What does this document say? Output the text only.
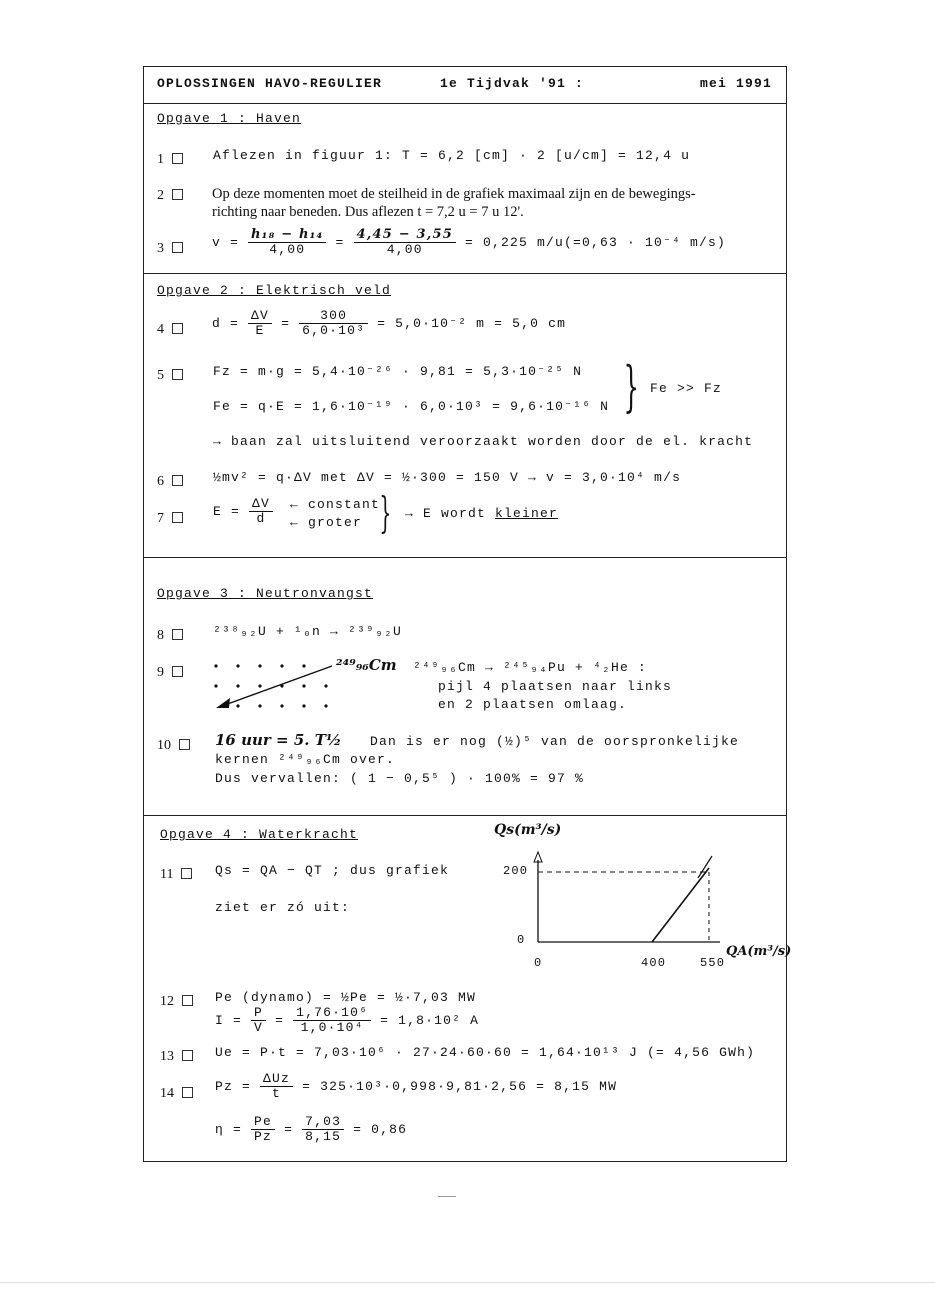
OPLOSSINGEN HAVO-REGULIER	1e Tijdvak '91 :	mei 1991
Opgave 1 : Haven
1	Aflezen in figuur 1: T = 6,2 [cm] · 2 [u/cm] = 12,4 u
2	Op deze momenten moet de steilheid in de grafiek maximaal zijn en de bewegings-
richting naar beneden. Dus aflezen t = 7,2 u = 7 u 12'.
3	$v = \frac{\text{h₁₈ − h₁₄}}{4,00} = \frac{4,45 - 3,55}{4,00} = 0,225$ m/u(=0,63 · 10⁻⁴ m/s)
Opgave 2 : Elektrisch veld
4	$d = \frac{\Delta V}{E} = \frac{300}{\text{6,0·10³}} = 5,0\cdot 10^{-2}$ m = 5,0 cm
5	Fz = m·g = 5,4·10⁻²⁶ · 9,81 = 5,3·10⁻²⁵ N
Fe = q·E = 1,6·10⁻¹⁹ · 6,0·10³ = 9,6·10⁻¹⁶ N } Fe >> Fz
→ baan zal uitsluitend veroorzaakt worden door de el. kracht
6	½mv² = q·ΔV met ΔV = ½·300 = 150 V → v = 3,0·10⁴ m/s
7	$E = \frac{\Delta V}{d}$ ← constant
← groter } → E wordt kleiner
Opgave 3 : Neutronvangst
8	²³⁸₉₂U + ¹₀n → ²³⁹₉₂U
9	²⁴⁹₉₆Cm ²⁴⁹₉₆Cm → ²⁴⁵₉₄Pu + ⁴₂He :
pijl 4 plaatsen naar links
en 2 plaatsen omlaag.
10	16 uur = 5. T½ Dan is er nog (½)⁵ van de oorspronkelijke
kernen ²⁴⁹₉₆Cm over.
Dus vervallen: ( 1 − 0,5⁵ ) · 100% = 97 %
Opgave 4 : Waterkracht
11	Qs = QA − QT ; dus grafiek
ziet er zó uit:
Qs(m³/s)
200
0
0	400	550
QA(m³/s)
12	Pe (dynamo) = ½Pe = ½·7,03 MW
$I = \frac{P}{V} = \frac{\text{1,76·10⁶}}{\text{1,0·10⁴}} = 1,8\cdot 10^2$ A
13	Ue = P·t = 7,03·10⁶ · 27·24·60·60 = 1,64·10¹³ J (= 4,56 GWh)
14	$Pz = \frac{\text{ΔUz}}{t} = 325\cdot 10^3\cdot 0,998\cdot 9,81\cdot 2,56 = 8,15$ MW
$\eta = \frac{Pe}{Pz} = \frac{7,03}{8,15} = 0,86$
